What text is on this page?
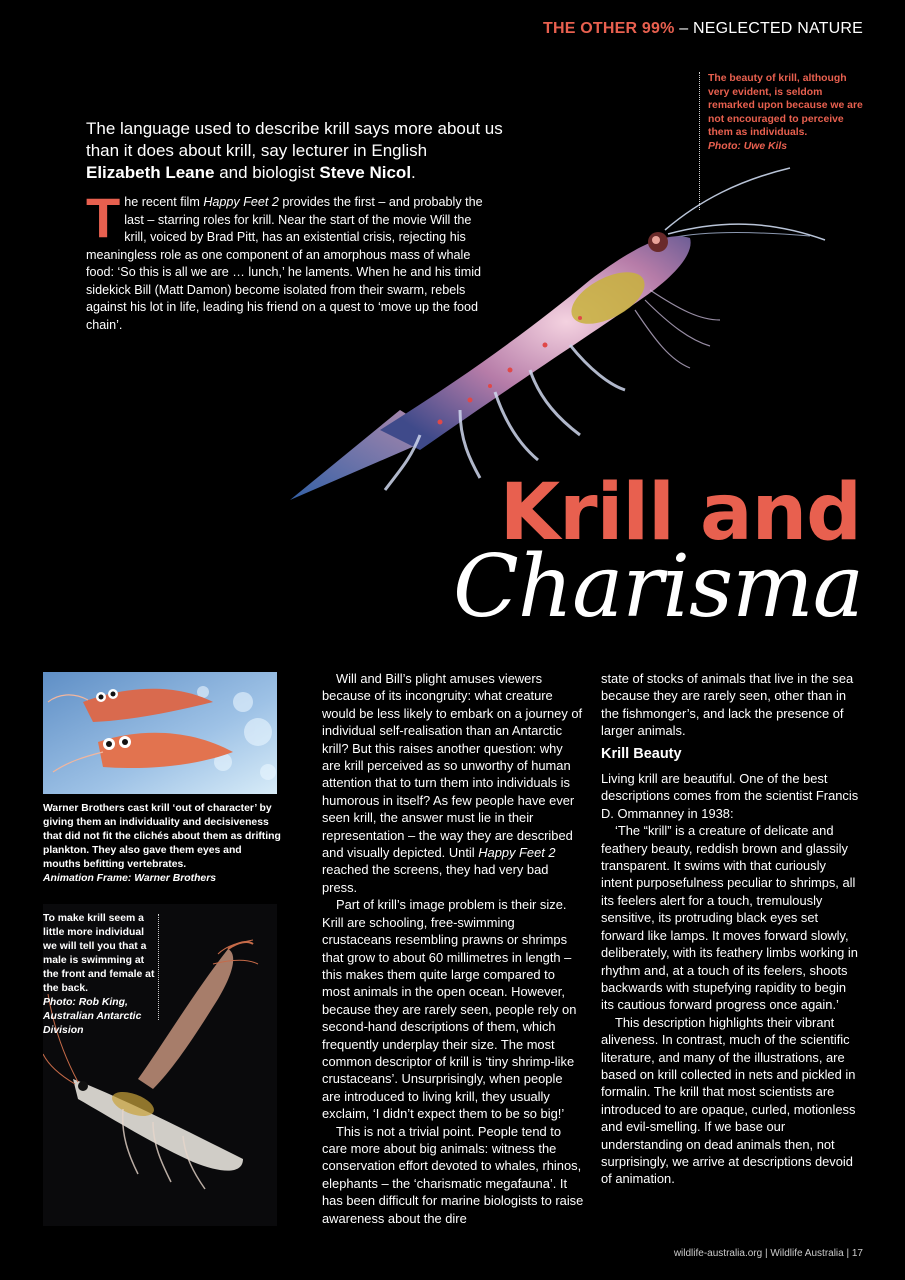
THE OTHER 99% – NEGLECTED NATURE
The beauty of krill, although very evident, is seldom remarked upon because we are not encouraged to perceive them as individuals.
Photo: Uwe Kils
The language used to describe krill says more about us than it does about krill, say lecturer in English Elizabeth Leane and biologist Steve Nicol.
The recent film Happy Feet 2 provides the first – and probably the last – starring roles for krill. Near the start of the movie Will the krill, voiced by Brad Pitt, has an existential crisis, rejecting his meaningless role as one component of an amorphous mass of whale food: ‘So this is all we are … lunch,’ he laments. When he and his timid sidekick Bill (Matt Damon) become isolated from their swarm, rebels against his lot in life, leading his friend on a quest to ‘move up the food chain’.
Krill and
Charisma
Warner Brothers cast krill ‘out of character’ by giving them an individuality and decisiveness that did not fit the clichés about them as drifting plankton. They also gave them eyes and mouths befitting vertebrates.
Animation Frame: Warner Brothers
To make krill seem a little more individual we will tell you that a male is swimming at the front and female at the back.
Photo: Rob King, Australian Antarctic Division

Will and Bill’s plight amuses viewers because of its incongruity: what creature would be less likely to embark on a journey of individual self-realisation than an Antarctic krill? But this raises another question: why are krill perceived as so unworthy of human attention that to turn them into individuals is humorous in itself? As few people have ever seen krill, the answer must lie in their representation – the way they are described and visually depicted. Until Happy Feet 2 reached the screens, they had very bad press.

Part of krill’s image problem is their size. Krill are schooling, free-swimming crustaceans resembling prawns or shrimps that grow to about 60 millimetres in length – this makes them quite large compared to most animals in the open ocean. However, because they are rarely seen, people rely on second-hand descriptions of them, which frequently underplay their size. The most common descriptor of krill is ‘tiny shrimp-like crustaceans’. Unsurprisingly, when people are introduced to living krill, they usually exclaim, ‘I didn’t expect them to be so big!’

This is not a trivial point. People tend to care more about big animals: witness the conservation effort devoted to whales, rhinos, elephants – the ‘charismatic megafauna’. It has been difficult for marine biologists to raise awareness about the dire

state of stocks of animals that live in the sea because they are rarely seen, other than in the fishmonger’s, and lack the presence of larger animals.

Krill Beauty

Living krill are beautiful. One of the best descriptions comes from the scientist Francis D. Ommanney in 1938:

‘The “krill” is a creature of delicate and feathery beauty, reddish brown and glassily transparent. It swims with that curiously intent purposefulness peculiar to shrimps, all its feelers alert for a touch, tremulously sensitive, its protruding black eyes set forward like lamps. It moves forward slowly, deliberately, with its feathery limbs working in rhythm and, at a touch of its feelers, shoots backwards with stupefying rapidity to begin its cautious forward progress once again.’

This description highlights their vibrant aliveness. In contrast, much of the scientific literature, and many of the illustrations, are based on krill collected in nets and pickled in formalin. The krill that most scientists are introduced to are opaque, curled, motionless and evil-smelling. If we base our understanding on dead animals then, not surprisingly, we arrive at descriptions devoid of animation.

wildlife-australia.org | Wildlife Australia | 17
